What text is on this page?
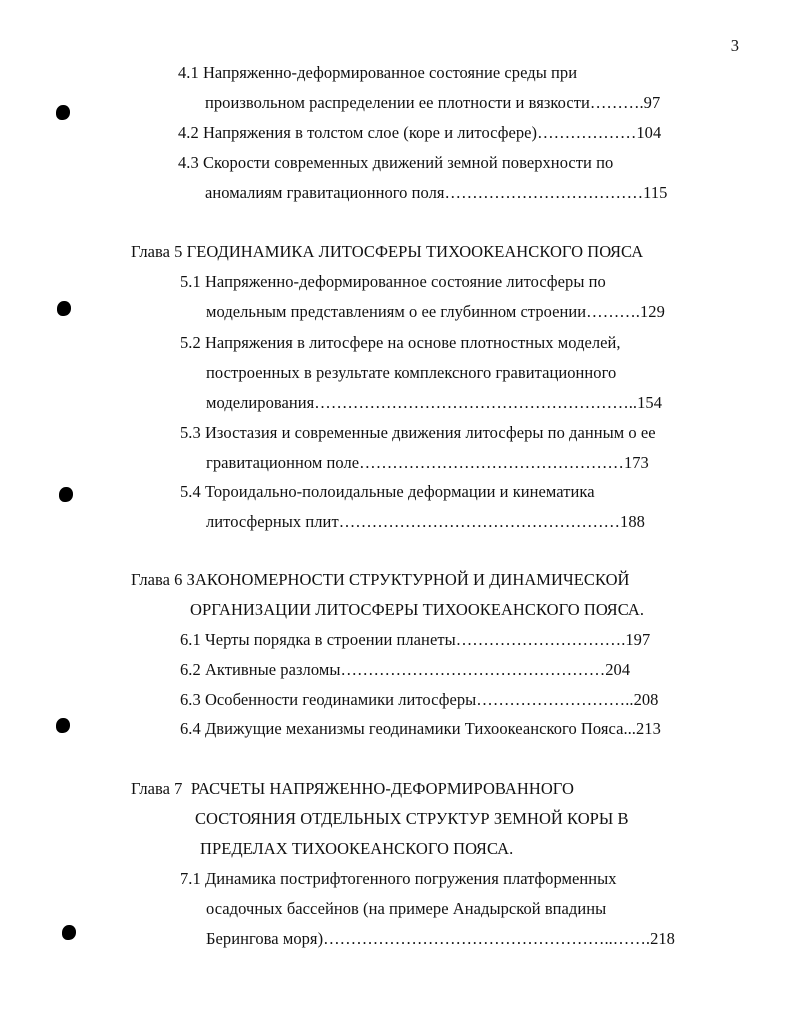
3
4.1 Напряженно-деформированное состояние среды при
произвольном распределении ее плотности и вязкости……….97
4.2 Напряжения в толстом слое (коре и литосфере)………………104
4.3 Скорости современных движений земной поверхности по
аномалиям гравитационного поля………………………………115
Глава 5 ГЕОДИНАМИКА ЛИТОСФЕРЫ ТИХООКЕАНСКОГО ПОЯСА
5.1 Напряженно-деформированное состояние литосферы по
модельным представлениям о ее глубинном строении……….129
5.2 Напряжения в литосфере на основе плотностных моделей,
построенных в результате комплексного гравитационного
моделирования…………………………………………………..154
5.3 Изостазия и современные движения литосферы по данным о ее
гравитационном поле…………………………………………173
5.4 Тороидально-полоидальные деформации и кинематика
литосферных плит……………………………………………188
Глава 6 ЗАКОНОМЕРНОСТИ СТРУКТУРНОЙ И ДИНАМИЧЕСКОЙ
ОРГАНИЗАЦИИ ЛИТОСФЕРЫ ТИХООКЕАНСКОГО ПОЯСА.
6.1 Черты порядка в строении планеты………………………….197
6.2 Активные разломы…………………………………………204
6.3 Особенности геодинамики литосферы………………………..208
6.4 Движущие механизмы геодинамики Тихоокеанского Пояса...213
Глава 7  РАСЧЕТЫ НАПРЯЖЕННО-ДЕФОРМИРОВАННОГО
СОСТОЯНИЯ ОТДЕЛЬНЫХ СТРУКТУР ЗЕМНОЙ КОРЫ В
ПРЕДЕЛАХ ТИХООКЕАНСКОГО ПОЯСА.
7.1 Динамика пострифтогенного погружения платформенных
осадочных бассейнов (на примере Анадырской впадины
Берингова моря)……………………………………………..…….218
